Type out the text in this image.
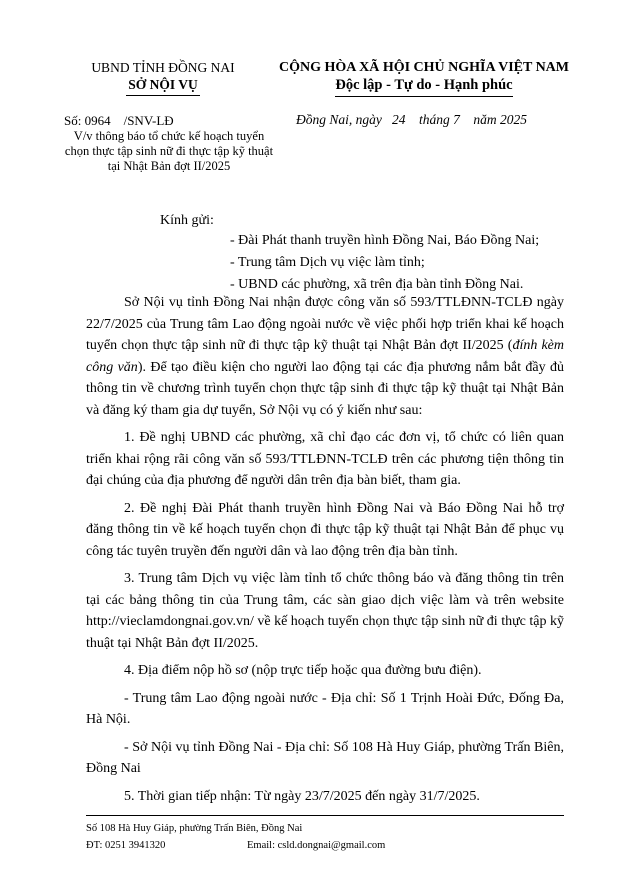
UBND TỈNH ĐỒNG NAI
SỞ NỘI VỤ
CỘNG HÒA XÃ HỘI CHỦ NGHĨA VIỆT NAM
Độc lập - Tự do - Hạnh phúc
Số: 0964    /SNV-LĐ
V/v thông báo tổ chức kế hoạch tuyển chọn thực tập sinh nữ đi thực tập kỹ thuật tại Nhật Bản đợt II/2025
Đồng Nai, ngày   24    tháng 7    năm 2025
Kính gửi:
- Đài Phát thanh truyền hình Đồng Nai, Báo Đồng Nai;
- Trung tâm Dịch vụ việc làm tỉnh;
- UBND các phường, xã trên địa bàn tỉnh Đồng Nai.

Sở Nội vụ tỉnh Đồng Nai nhận được công văn số 593/TTLĐNN-TCLĐ ngày 22/7/2025 của Trung tâm Lao động ngoài nước về việc phối hợp triển khai kế hoạch tuyển chọn thực tập sinh nữ đi thực tập kỹ thuật tại Nhật Bản đợt II/2025 (đính kèm công văn). Để tạo điều kiện cho người lao động tại các địa phương nắm bắt đầy đủ thông tin về chương trình tuyển chọn thực tập sinh đi thực tập kỹ thuật tại Nhật Bản và đăng ký tham gia dự tuyển, Sở Nội vụ có ý kiến như sau:

1. Đề nghị UBND các phường, xã chỉ đạo các đơn vị, tổ chức có liên quan triển khai rộng rãi công văn số 593/TTLĐNN-TCLĐ trên các phương tiện thông tin đại chúng của địa phương để người dân trên địa bàn biết, tham gia.

2. Đề nghị Đài Phát thanh truyền hình Đồng Nai và Báo Đồng Nai hỗ trợ đăng thông tin về kế hoạch tuyển chọn đi thực tập kỹ thuật tại Nhật Bản để phục vụ công tác tuyên truyền đến người dân và lao động trên địa bàn tỉnh.

3. Trung tâm Dịch vụ việc làm tỉnh tổ chức thông báo và đăng thông tin trên tại các bảng thông tin của Trung tâm, các sàn giao dịch việc làm và trên website http://vieclamdongnai.gov.vn/ về kế hoạch tuyển chọn thực tập sinh nữ đi thực tập kỹ thuật tại Nhật Bản đợt II/2025.

4. Địa điểm nộp hồ sơ (nộp trực tiếp hoặc qua đường bưu điện).

- Trung tâm Lao động ngoài nước - Địa chỉ: Số 1 Trịnh Hoài Đức, Đống Đa, Hà Nội.

- Sở Nội vụ tỉnh Đồng Nai - Địa chỉ: Số 108 Hà Huy Giáp, phường Trấn Biên, Đồng Nai

5. Thời gian tiếp nhận: Từ ngày 23/7/2025 đến ngày 31/7/2025.

Số 108 Hà Huy Giáp, phường Trấn Biên, Đồng Nai
ĐT: 0251 3941320	Email: csld.dongnai@gmail.com
